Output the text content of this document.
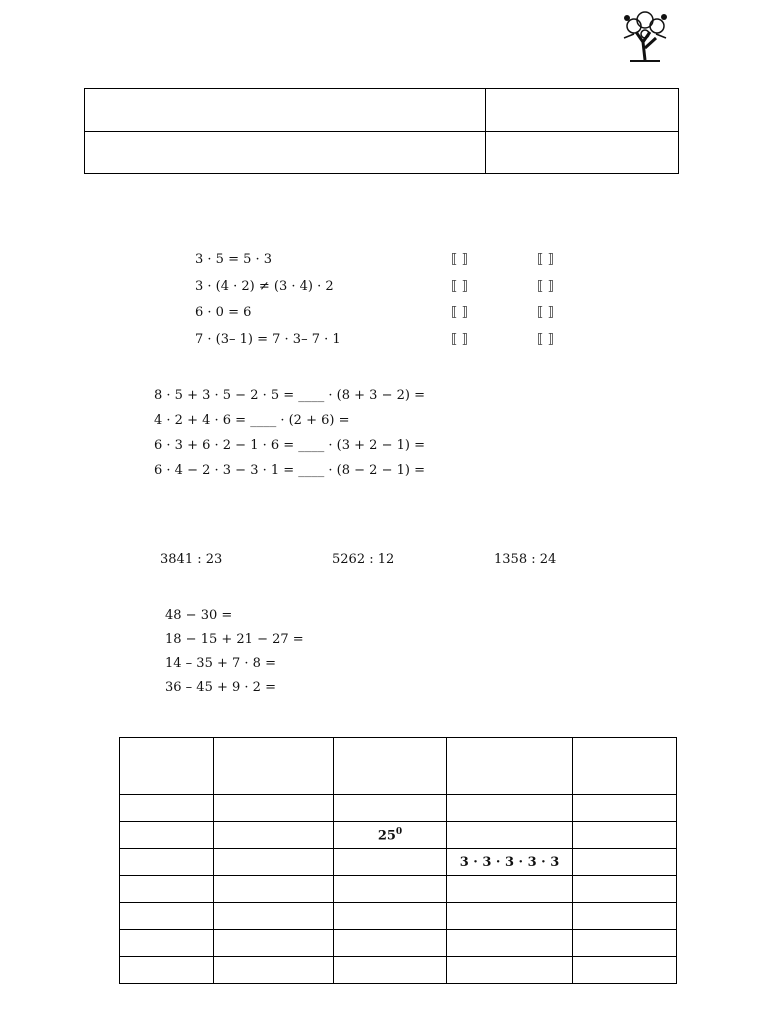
3 · 5 = 5 · 3	⟦ ⟧	⟦ ⟧
3 · (4 · 2) ≠ (3 · 4) · 2	⟦ ⟧	⟦ ⟧
6 · 0 = 6	⟦ ⟧	⟦ ⟧
7 · (3– 1) = 7 · 3– 7 · 1	⟦ ⟧	⟦ ⟧
8 · 5 + 3 · 5 − 2 · 5 = ____ · (8 + 3 − 2) =
4 · 2 + 4 · 6 = ____ · (2 + 6) =
6 · 3 + 6 · 2 − 1 · 6 = ____ · (3 + 2 − 1) =
6 · 4 − 2 · 3 − 3 · 1 = ____ · (8 − 2 − 1) =
3841 : 23	5262 : 12	1358 : 24
48 − 30 =
18 − 15 + 21 − 27 =
14 – 35 + 7 · 8 =
36 – 45 + 9 · 2 =

		$25^0$		
			3 · 3 · 3 · 3 · 3	
